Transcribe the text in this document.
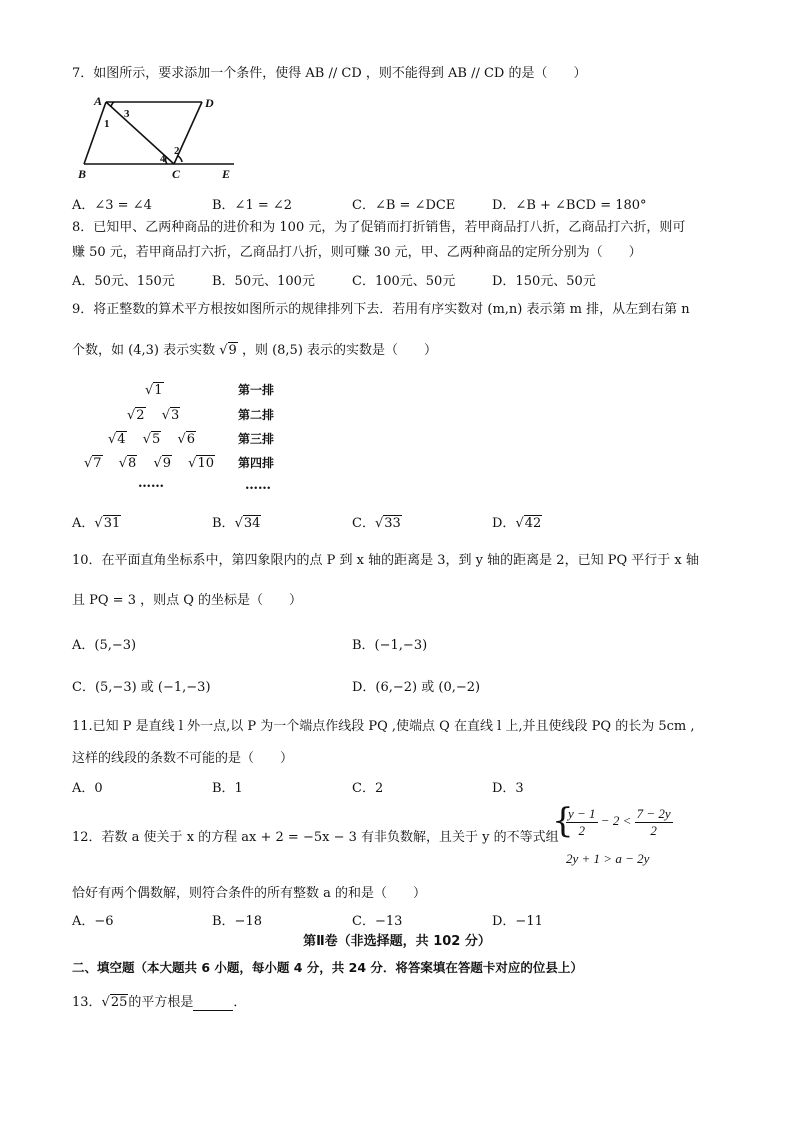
7．如图所示，要求添加一个条件，使得 AB // CD ，则不能得到 AB // CD 的是（　　）
A	D
B	C	E
1
3
2
4
A．∠3 = ∠4	B．∠1 = ∠2	C．∠B = ∠DCE	D．∠B + ∠BCD = 180°
8．已知甲、乙两种商品的进价和为 100 元，为了促销而打折销售，若甲商品打八折，乙商品打六折，则可
赚 50 元，若甲商品打六折，乙商品打八折，则可赚 30 元，甲、乙两种商品的定所分别为（　　）
A．50元、150元	B．50元、100元	C．100元、50元	D．150元、50元
9．将正整数的算术平方根按如图所示的规律排列下去．若用有序实数对 (m,n) 表示第 m 排，从左到右第 n
个数，如 (4,3) 表示实数 √9 ，则 (8,5) 表示的实数是（　　）
√1	第一排
√2 √3	第二排
√4 √5 √6	第三排
√7 √8 √9 √10 第四排
……	……
A．√31	B．√34	C．√33	D．√42
10．在平面直角坐标系中，第四象限内的点 P 到 x 轴的距离是 3，到 y 轴的距离是 2，已知 PQ 平行于 x 轴
且 PQ = 3 ，则点 Q 的坐标是（　　）
A．(5,−3)	B．(−1,−3)
C．(5,−3) 或 (−1,−3)	D．(6,−2) 或 (0,−2)
11.已知 P 是直线 l 外一点,以 P 为一个端点作线段 PQ ,使端点 Q 在直线 l 上,并且使线段 PQ 的长为 5cm ,
这样的线段的条数不可能的是（　　）
A．0	B．1	C．2	D．3
12．若数 a 使关于 x 的方程 ax + 2 = −5x − 3 有非负数解，且关于 y 的不等式组
{
$\frac{y - 1}{2} - 2 < \frac{7 - 2y}{2}$
2y + 1 > a − 2y
恰好有两个偶数解，则符合条件的所有整数 a 的和是（　　）
A．−6	B．−18	C．−13	D．−11
第Ⅱ卷（非选择题，共 102 分）
二、填空题（本大题共 6 小题，每小题 4 分，共 24 分．将答案填在答题卡对应的位县上）
13．√25的平方根是	．
